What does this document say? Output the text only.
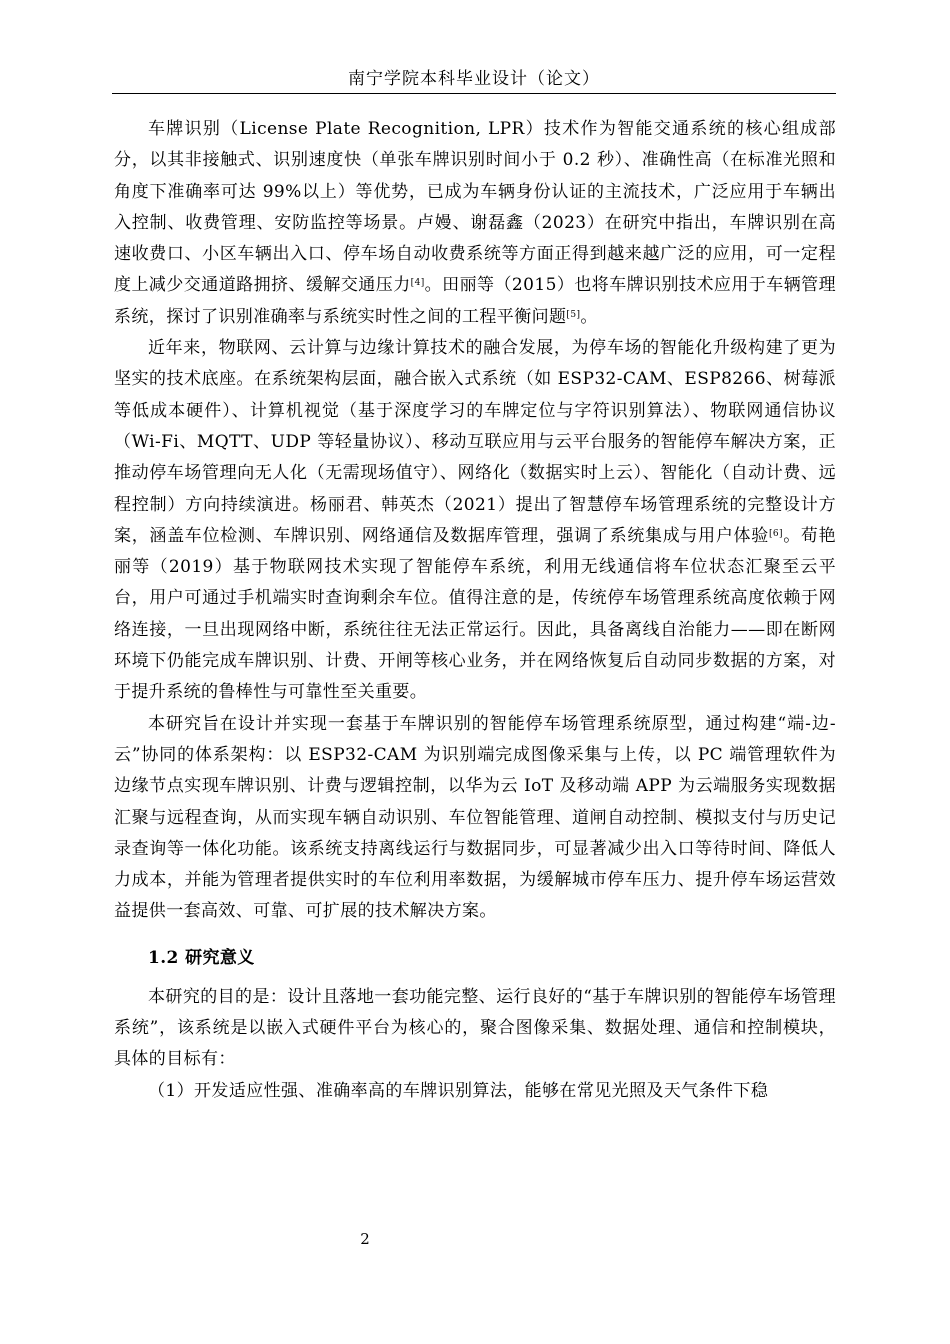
南宁学院本科毕业设计（论文）

车牌识别（License Plate Recognition, LPR）技术作为智能交通系统的核心组成部分，以其非接触式、识别速度快（单张车牌识别时间小于 0.2 秒）、准确性高（在标准光照和角度下准确率可达 99%以上）等优势，已成为车辆身份认证的主流技术，广泛应用于车辆出入控制、收费管理、安防监控等场景。卢嫚、谢磊鑫（2023）在研究中指出，车牌识别在高速收费口、小区车辆出入口、停车场自动收费系统等方面正得到越来越广泛的应用，可一定程度上减少交通道路拥挤、缓解交通压力[4]。田丽等（2015）也将车牌识别技术应用于车辆管理系统，探讨了识别准确率与系统实时性之间的工程平衡问题[5]。

近年来，物联网、云计算与边缘计算技术的融合发展，为停车场的智能化升级构建了更为坚实的技术底座。在系统架构层面，融合嵌入式系统（如 ESP32-CAM、ESP8266、树莓派等低成本硬件）、计算机视觉（基于深度学习的车牌定位与字符识别算法）、物联网通信协议（Wi-Fi、MQTT、UDP 等轻量协议）、移动互联应用与云平台服务的智能停车解决方案，正推动停车场管理向无人化（无需现场值守）、网络化（数据实时上云）、智能化（自动计费、远程控制）方向持续演进。杨丽君、韩英杰（2021）提出了智慧停车场管理系统的完整设计方案，涵盖车位检测、车牌识别、网络通信及数据库管理，强调了系统集成与用户体验[6]。荀艳丽等（2019）基于物联网技术实现了智能停车系统，利用无线通信将车位状态汇聚至云平台，用户可通过手机端实时查询剩余车位。值得注意的是，传统停车场管理系统高度依赖于网络连接，一旦出现网络中断，系统往往无法正常运行。因此，具备离线自治能力——即在断网环境下仍能完成车牌识别、计费、开闸等核心业务，并在网络恢复后自动同步数据的方案，对于提升系统的鲁棒性与可靠性至关重要。

本研究旨在设计并实现一套基于车牌识别的智能停车场管理系统原型，通过构建“端-边-云”协同的体系架构：以 ESP32-CAM 为识别端完成图像采集与上传，以 PC 端管理软件为边缘节点实现车牌识别、计费与逻辑控制，以华为云 IoT 及移动端 APP 为云端服务实现数据汇聚与远程查询，从而实现车辆自动识别、车位智能管理、道闸自动控制、模拟支付与历史记录查询等一体化功能。该系统支持离线运行与数据同步，可显著减少出入口等待时间、降低人力成本，并能为管理者提供实时的车位利用率数据，为缓解城市停车压力、提升停车场运营效益提供一套高效、可靠、可扩展的技术解决方案。

1.2 研究意义

本研究的目的是：设计且落地一套功能完整、运行良好的“基于车牌识别的智能停车场管理系统”，该系统是以嵌入式硬件平台为核心的，聚合图像采集、数据处理、通信和控制模块，具体的目标有：

（1）开发适应性强、准确率高的车牌识别算法，能够在常见光照及天气条件下稳

2
